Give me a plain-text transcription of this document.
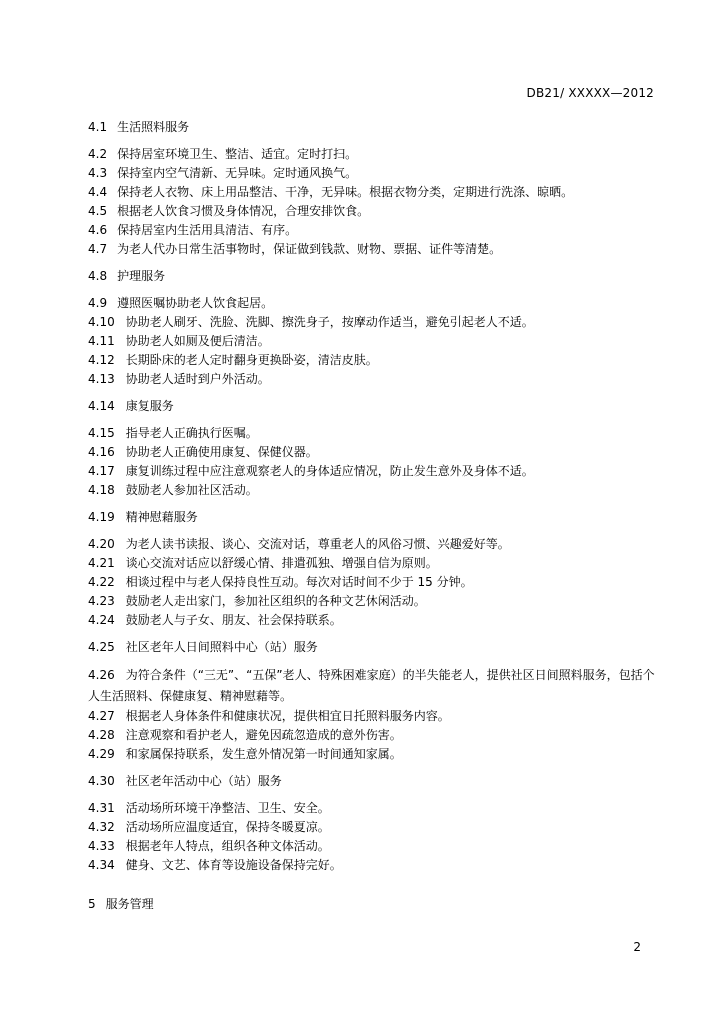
DB21/ XXXXX—2012
4.1 生活照料服务
4.2 保持居室环境卫生、整洁、适宜。定时打扫。
4.3 保持室内空气清新、无异味。定时通风换气。
4.4 保持老人衣物、床上用品整洁、干净，无异味。根据衣物分类，定期进行洗涤、晾晒。
4.5 根据老人饮食习惯及身体情况，合理安排饮食。
4.6 保持居室内生活用具清洁、有序。
4.7 为老人代办日常生活事物时，保证做到钱款、财物、票据、证件等清楚。
4.8 护理服务
4.9 遵照医嘱协助老人饮食起居。
4.10 协助老人刷牙、洗脸、洗脚、擦洗身子，按摩动作适当，避免引起老人不适。
4.11 协助老人如厕及便后清洁。
4.12 长期卧床的老人定时翻身更换卧姿，清洁皮肤。
4.13 协助老人适时到户外活动。
4.14 康复服务
4.15 指导老人正确执行医嘱。
4.16 协助老人正确使用康复、保健仪器。
4.17 康复训练过程中应注意观察老人的身体适应情况，防止发生意外及身体不适。
4.18 鼓励老人参加社区活动。
4.19 精神慰藉服务
4.20 为老人读书读报、谈心、交流对话，尊重老人的风俗习惯、兴趣爱好等。
4.21 谈心交流对话应以舒缓心情、排遣孤独、增强自信为原则。
4.22 相谈过程中与老人保持良性互动。每次对话时间不少于 15 分钟。
4.23 鼓励老人走出家门，参加社区组织的各种文艺休闲活动。
4.24 鼓励老人与子女、朋友、社会保持联系。
4.25 社区老年人日间照料中心（站）服务
4.26 为符合条件（“三无”、“五保”老人、特殊困难家庭）的半失能老人，提供社区日间照料服务，包括个人生活照料、保健康复、精神慰藉等。
4.27 根据老人身体条件和健康状况，提供相宜日托照料服务内容。
4.28 注意观察和看护老人，避免因疏忽造成的意外伤害。
4.29 和家属保持联系，发生意外情况第一时间通知家属。
4.30 社区老年活动中心（站）服务
4.31 活动场所环境干净整洁、卫生、安全。
4.32 活动场所应温度适宜，保持冬暖夏凉。
4.33 根据老年人特点，组织各种文体活动。
4.34 健身、文艺、体育等设施设备保持完好。
5 服务管理
2
